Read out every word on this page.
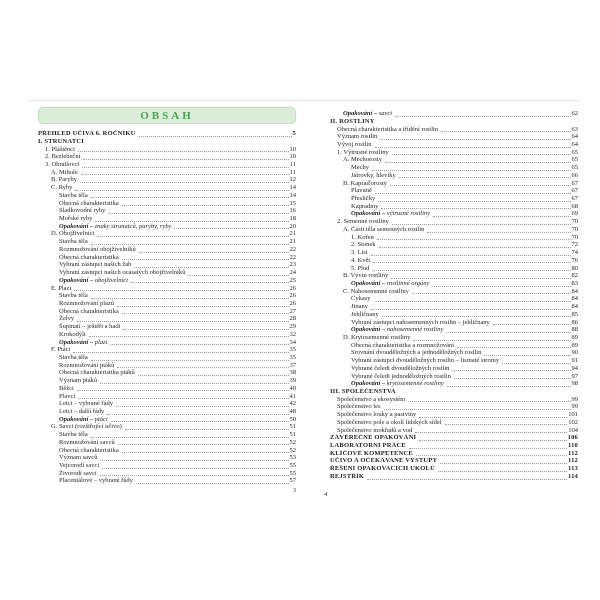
OBSAH
PŘEHLED UČIVA 6. ROČNÍKU	5
I. STRUNATCI
1. Pláštěnci	10
2. Bezlebeční	10
3. Obratlovci	11
A. Mihule	11
B. Paryby	12
C. Ryby	14
Stavba těla	14
Obecná charakteristika	15
Sladkovodní ryby	16
Mořské ryby	18
Opakování – znaky strunatců, paryby, ryby	20
D. Obojživelníci	21
Stavba těla	21
Rozmnožování obojživelníků	22
Obecná charakteristika	22
Vybraní zástupci našich žab	23
Vybraní zástupci našich ocasatých obojživelníků	24
Opakování – obojživelníci	25
E. Plazi	26
Stavba těla	26
Rozmnožování plazů	26
Obecná charakteristika	27
Želvy	28
Šupinatí – ještěři a hadi	29
Krokodýli	32
Opakování – plazi	34
F. Ptáci	35
Stavba těla	35
Rozmnožování ptáků	37
Obecná charakteristika ptáků	38
Význam ptáků	39
Běžci	40
Plavci	41
Letci – vybrané řády	42
Letci – další řády	48
Opakování – ptáci	50
G. Savci (rozšiřující učivo)	51
Stavba těla	51
Rozmnožování savců	52
Obecná charakteristika	52
Význam savců	53
Vejcorodí savci	55
Živorodí savci	55
Placentálové – vybrané řády	57
Opakování – savci	62
II. ROSTLINY
Obecná charakteristika a třídění rostlin	63
Význam rostlin	64
Vývoj rostlin	64
1. Výtrusné rostliny	65
A. Mechorosty	65
Mechy	65
Játrovky, hlevíky	66
B. Kapraďorosty	67
Plavuně	67
Přesličky	67
Kapradiny	68
Opakování – výtrusné rostliny	69
2. Semenné rostliny	70
A. Části těla semenných rostlin	70
1. Kořen	70
2. Stonek	72
3. List	74
4. Květ	76
5. Plod	80
B. Vývin rostliny	82
Opakování – rostlinné orgány	83
C. Nahosemenné rostliny	84
Cykasy	84
Jinany	84
Jehličnany	85
Vybraní zástupci nahosemenných rostlin – jehličnany	86
Opakování – nahosemenné rostliny	88
D. Krytosemenné rostliny	89
Obecná charakteristika a rozmnožování	89
Srovnání dvouděložných a jednoděložných rostlin	90
Vybraní zástupci dvouděložných rostlin – listnaté stromy	91
Vybrané čeledi dvouděložných rostlin	94
Vybrané čeledi jednoděložných rostlin	97
Opakování – krytosemenné rostliny	98
III. SPOLEČENSTVA
Společenstvo a ekosystém	99
Společenstvo les	99
Společenstvo louky a pastviny	101
Společenstvo pole a okolí lidských sídel	102
Společenstvo mokřadů a vod	104
ZÁVĚREČNÉ OPAKOVÁNÍ	106
LABORATORNÍ PRÁCE	110
KLÍČOVÉ KOMPETENCE	112
UČIVO A OČEKÁVANÉ VÝSTUPY	112
ŘEŠENÍ OPAKOVACÍCH ÚKOLŮ	113
REJSTŘÍK	114
3
4
